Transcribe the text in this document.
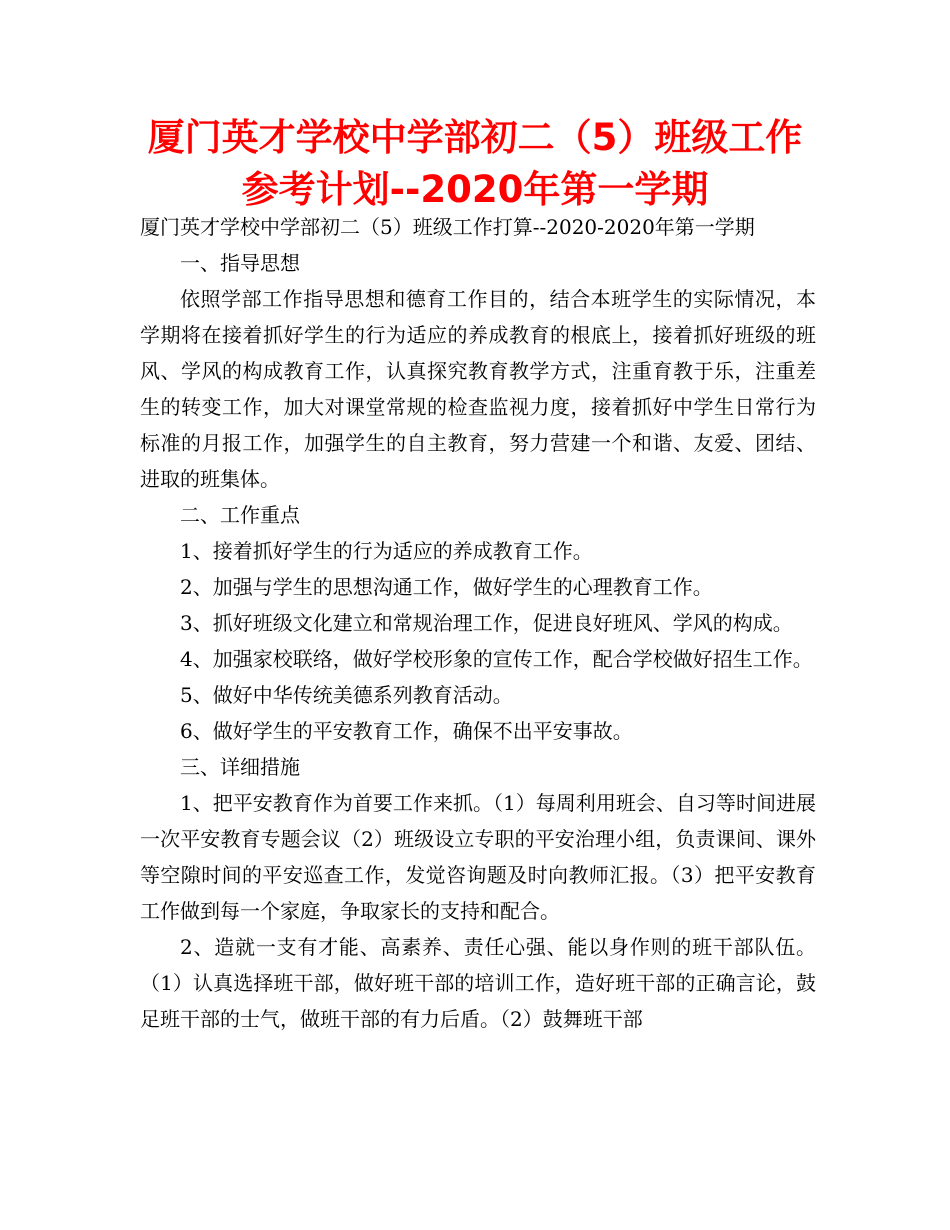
厦门英才学校中学部初二（5）班级工作参考计划--2020年第一学期

厦门英才学校中学部初二（5）班级工作打算--2020-2020年第一学期

一、指导思想

依照学部工作指导思想和德育工作目的，结合本班学生的实际情况，本学期将在接着抓好学生的行为适应的养成教育的根底上，接着抓好班级的班风、学风的构成教育工作，认真探究教育教学方式，注重育教于乐，注重差生的转变工作，加大对课堂常规的检查监视力度，接着抓好中学生日常行为标准的月报工作，加强学生的自主教育，努力营建一个和谐、友爱、团结、进取的班集体。

二、工作重点

1、接着抓好学生的行为适应的养成教育工作。

2、加强与学生的思想沟通工作，做好学生的心理教育工作。

3、抓好班级文化建立和常规治理工作，促进良好班风、学风的构成。

4、加强家校联络，做好学校形象的宣传工作，配合学校做好招生工作。

5、做好中华传统美德系列教育活动。

6、做好学生的平安教育工作，确保不出平安事故。

三、详细措施

1、把平安教育作为首要工作来抓。（1）每周利用班会、自习等时间进展一次平安教育专题会议（2）班级设立专职的平安治理小组，负责课间、课外等空隙时间的平安巡查工作，发觉咨询题及时向教师汇报。（3）把平安教育工作做到每一个家庭，争取家长的支持和配合。

2、造就一支有才能、高素养、责任心强、能以身作则的班干部队伍。（1）认真选择班干部，做好班干部的培训工作，造好班干部的正确言论，鼓足班干部的士气，做班干部的有力后盾。（2）鼓舞班干部
